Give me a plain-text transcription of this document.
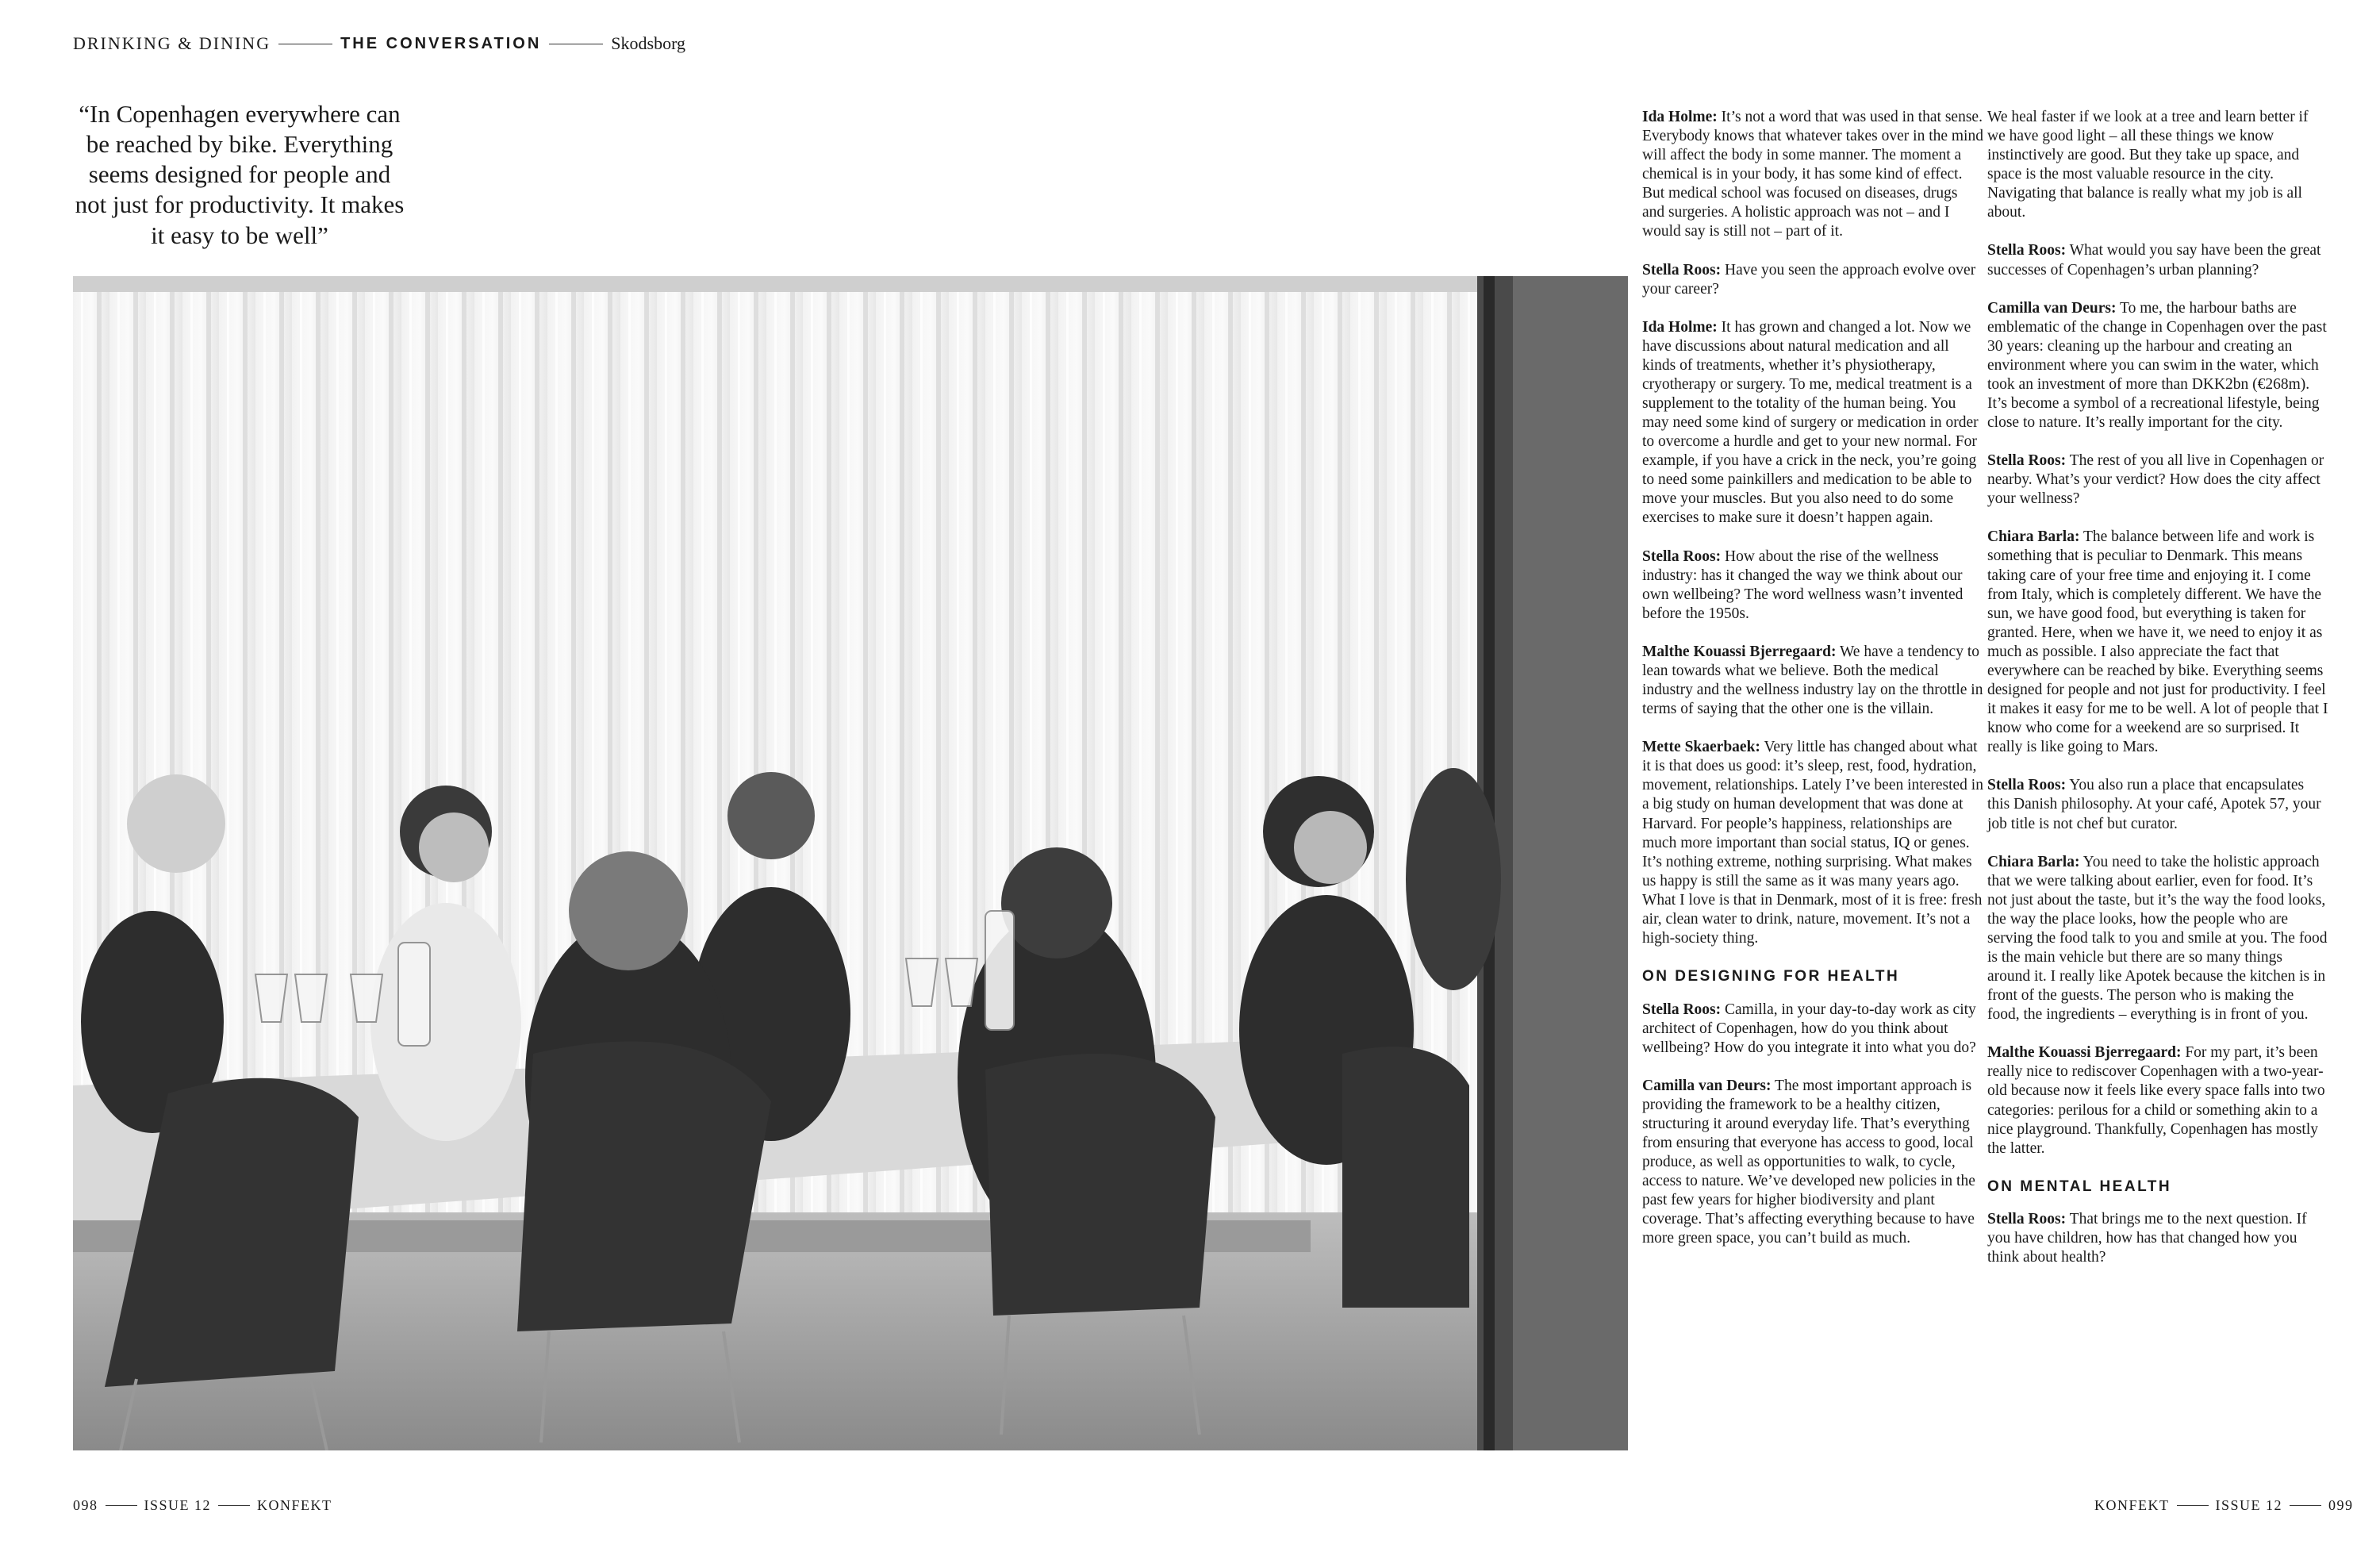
DRINKING & DINING	THE CONVERSATION	Skodsborg
“In Copenhagen everywhere can be reached by bike. Everything seems designed for people and not just for productivity. It makes it easy to be well”

Ida Holme: It’s not a word that was used in that sense. Everybody knows that whatever takes over in the mind will affect the body in some manner. The moment a chemical is in your body, it has some kind of effect. But medical school was focused on diseases, drugs and surgeries. A holistic approach was not – and I would say is still not – part of it.

Stella Roos: Have you seen the approach evolve over your career?

Ida Holme: It has grown and changed a lot. Now we have discussions about natural medication and all kinds of treatments, whether it’s physiotherapy, cryotherapy or surgery. To me, medical treatment is a supplement to the totality of the human being. You may need some kind of surgery or medication in order to overcome a hurdle and get to your new normal. For example, if you have a crick in the neck, you’re going to need some painkillers and medication to be able to move your muscles. But you also need to do some exercises to make sure it doesn’t happen again.

Stella Roos: How about the rise of the wellness industry: has it changed the way we think about our own wellbeing? The word wellness wasn’t invented before the 1950s.

Malthe Kouassi Bjerregaard: We have a tendency to lean towards what we believe. Both the medical industry and the wellness industry lay on the throttle in terms of saying that the other one is the villain.

Mette Skaerbaek: Very little has changed about what it is that does us good: it’s sleep, rest, food, hydration, movement, relationships. Lately I’ve been interested in a big study on human development that was done at Harvard. For people’s happiness, relationships are much more important than social status, IQ or genes. It’s nothing extreme, nothing surprising. What makes us happy is still the same as it was many years ago. What I love is that in Denmark, most of it is free: fresh air, clean water to drink, nature, movement. It’s not a high-society thing.

ON DESIGNING FOR HEALTH

Stella Roos: Camilla, in your day-to-day work as city architect of Copenhagen, how do you think about wellbeing? How do you integrate it into what you do?

Camilla van Deurs: The most important approach is providing the framework to be a healthy citizen, structuring it around everyday life. That’s everything from ensuring that everyone has access to good, local produce, as well as opportunities to walk, to cycle, access to nature. We’ve developed new policies in the past few years for higher biodiversity and plant coverage. That’s affecting everything because to have more green space, you can’t build as much.

We heal faster if we look at a tree and learn better if we have good light – all these things we know instinctively are good. But they take up space, and space is the most valuable resource in the city. Navigating that balance is really what my job is all about.

Stella Roos: What would you say have been the great successes of Copenhagen’s urban planning?

Camilla van Deurs: To me, the harbour baths are emblematic of the change in Copenhagen over the past 30 years: cleaning up the harbour and creating an environment where you can swim in the water, which took an investment of more than DKK2bn (€268m). It’s become a symbol of a recreational lifestyle, being close to nature. It’s really important for the city.

Stella Roos: The rest of you all live in Copenhagen or nearby. What’s your verdict? How does the city affect your wellness?

Chiara Barla: The balance between life and work is something that is peculiar to Denmark. This means taking care of your free time and enjoying it. I come from Italy, which is completely different. We have the sun, we have good food, but everything is taken for granted. Here, when we have it, we need to enjoy it as much as possible. I also appreciate the fact that everywhere can be reached by bike. Everything seems designed for people and not just for productivity. I feel it makes it easy for me to be well. A lot of people that I know who come for a weekend are so surprised. It really is like going to Mars.

Stella Roos: You also run a place that encapsulates this Danish philosophy. At your café, Apotek 57, your job title is not chef but curator.

Chiara Barla: You need to take the holistic approach that we were talking about earlier, even for food. It’s not just about the taste, but it’s the way the food looks, the way the place looks, how the people who are serving the food talk to you and smile at you. The food is the main vehicle but there are so many things around it. I really like Apotek because the kitchen is in front of the guests. The person who is making the food, the ingredients – everything is in front of you.

Malthe Kouassi Bjerregaard: For my part, it’s been really nice to rediscover Copenhagen with a two-year-old because now it feels like every space falls into two categories: perilous for a child or something akin to a nice playground. Thankfully, Copenhagen has mostly the latter.

ON MENTAL HEALTH

Stella Roos: That brings me to the next question. If you have children, how has that changed how you think about health?

098	ISSUE 12	KONFEKT	KONFEKT	ISSUE 12	099
